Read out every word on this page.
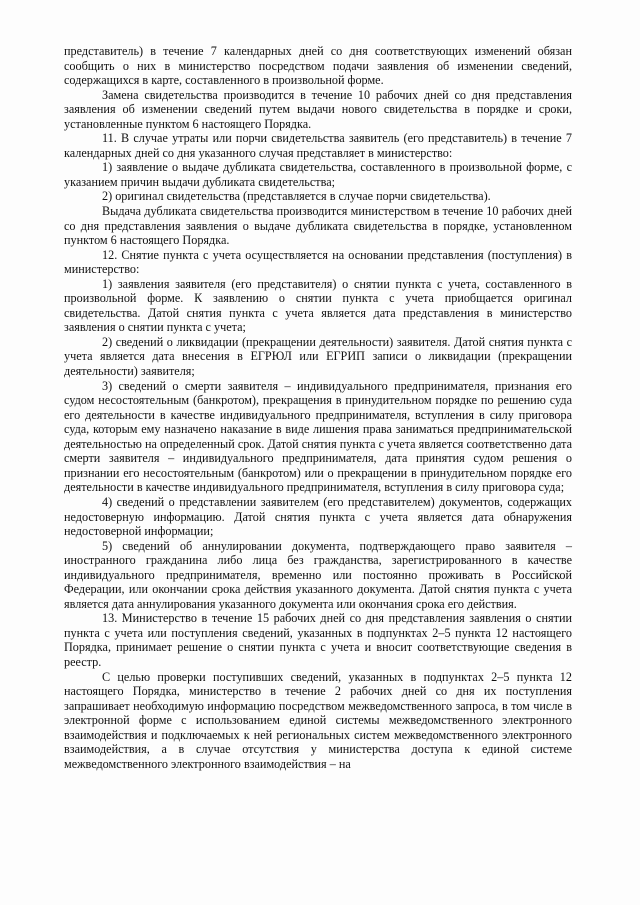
представитель) в течение 7 календарных дней со дня соответствующих изменений обязан сообщить о них в министерство посредством подачи заявления об изменении сведений, содержащихся в карте, составленного в произвольной форме.

Замена свидетельства производится в течение 10 рабочих дней со дня представления заявления об изменении сведений путем выдачи нового свидетельства в порядке и сроки, установленные пунктом 6 настоящего Порядка.

11. В случае утраты или порчи свидетельства заявитель (его представитель) в течение 7 календарных дней со дня указанного случая представляет в министерство:

1) заявление о выдаче дубликата свидетельства, составленного в произвольной форме, с указанием причин выдачи дубликата свидетельства;

2) оригинал свидетельства (представляется в случае порчи свидетельства).

Выдача дубликата свидетельства производится министерством в течение 10 рабочих дней со дня представления заявления о выдаче дубликата свидетельства в порядке, установленном пунктом 6 настоящего Порядка.

12. Снятие пункта с учета осуществляется на основании представления (поступления) в министерство:

1) заявления заявителя (его представителя) о снятии пункта с учета, составленного в произвольной форме. К заявлению о снятии пункта с учета приобщается оригинал свидетельства. Датой снятия пункта с учета является дата представления в министерство заявления о снятии пункта с учета;

2) сведений о ликвидации (прекращении деятельности) заявителя. Датой снятия пункта с учета является дата внесения в ЕГРЮЛ или ЕГРИП записи о ликвидации (прекращении деятельности) заявителя;

3) сведений о смерти заявителя – индивидуального предпринимателя, признания его судом несостоятельным (банкротом), прекращения в принудительном порядке по решению суда его деятельности в качестве индивидуального предпринимателя, вступления в силу приговора суда, которым ему назначено наказание в виде лишения права заниматься предпринимательской деятельностью на определенный срок. Датой снятия пункта с учета является соответственно дата смерти заявителя – индивидуального предпринимателя, дата принятия судом решения о признании его несостоятельным (банкротом) или о прекращении в принудительном порядке его деятельности в качестве индивидуального предпринимателя, вступления в силу приговора суда;

4) сведений о представлении заявителем (его представителем) документов, содержащих недостоверную информацию. Датой снятия пункта с учета является дата обнаружения недостоверной информации;

5) сведений об аннулировании документа, подтверждающего право заявителя – иностранного гражданина либо лица без гражданства, зарегистрированного в качестве индивидуального предпринимателя, временно или постоянно проживать в Российской Федерации, или окончании срока действия указанного документа. Датой снятия пункта с учета является дата аннулирования указанного документа или окончания срока его действия.

13. Министерство в течение 15 рабочих дней со дня представления заявления о снятии пункта с учета или поступления сведений, указанных в подпунктах 2–5 пункта 12 настоящего Порядка, принимает решение о снятии пункта с учета и вносит соответствующие сведения в реестр.

С целью проверки поступивших сведений, указанных в подпунктах 2–5 пункта 12 настоящего Порядка, министерство в течение 2 рабочих дней со дня их поступления запрашивает необходимую информацию посредством межведомственного запроса, в том числе в электронной форме с использованием единой системы межведомственного электронного взаимодействия и подключаемых к ней региональных систем межведомственного электронного взаимодействия, а в случае отсутствия у министерства доступа к единой системе межведомственного электронного взаимодействия – на
